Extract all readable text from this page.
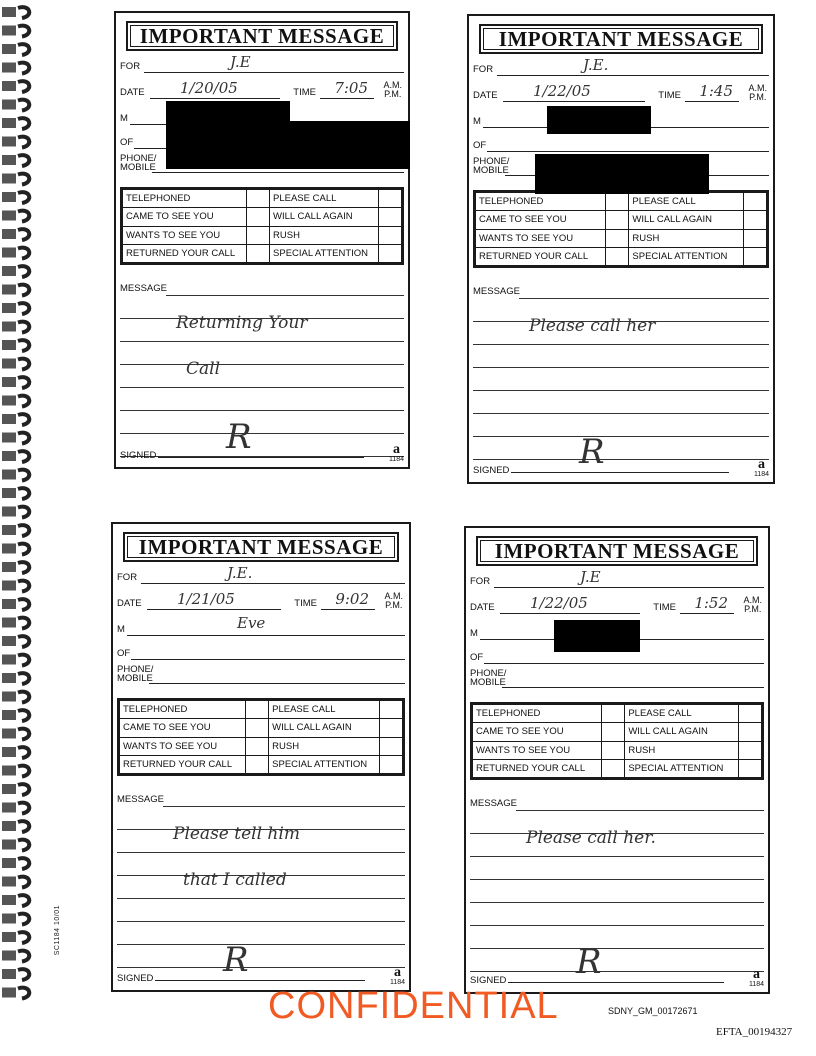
SC1184 10/01
IMPORTANT MESSAGE
FOR	J.E
DATE 1/20/05	TIME 7:05 A.M.
P.M.
M
OF
PHONE/
MOBILE
TELEPHONED		PLEASE CALL	
CAME TO SEE YOU		WILL CALL AGAIN	
WANTS TO SEE YOU		RUSH	
RETURNED YOUR CALL		SPECIAL ATTENTION	
MESSAGE
Returning Your
Call
SIGNED	R	a
1184
IMPORTANT MESSAGE
FOR	J.E.
DATE 1/22/05	TIME 1:45 A.M.
P.M.
M
OF
PHONE/
MOBILE
TELEPHONED		PLEASE CALL	
CAME TO SEE YOU		WILL CALL AGAIN	
WANTS TO SEE YOU		RUSH	
RETURNED YOUR CALL		SPECIAL ATTENTION	
MESSAGE
Please call her
SIGNED	R	a
1184
IMPORTANT MESSAGE
FOR	J.E.
DATE 1/21/05	TIME 9:02 A.M.
P.M.
M	Eve
OF
PHONE/
MOBILE
TELEPHONED		PLEASE CALL	
CAME TO SEE YOU		WILL CALL AGAIN	
WANTS TO SEE YOU		RUSH	
RETURNED YOUR CALL		SPECIAL ATTENTION	
MESSAGE
Please tell him
that I called
SIGNED	R	a
1184
IMPORTANT MESSAGE
FOR	J.E
DATE 1/22/05	TIME 1:52 A.M.
P.M.
M
OF
PHONE/
MOBILE
TELEPHONED		PLEASE CALL	
CAME TO SEE YOU		WILL CALL AGAIN	
WANTS TO SEE YOU		RUSH	
RETURNED YOUR CALL		SPECIAL ATTENTION	
MESSAGE
Please call her.
SIGNED	R	a
1184
CONFIDENTIAL	SDNY_GM_00172671
EFTA_00194327
